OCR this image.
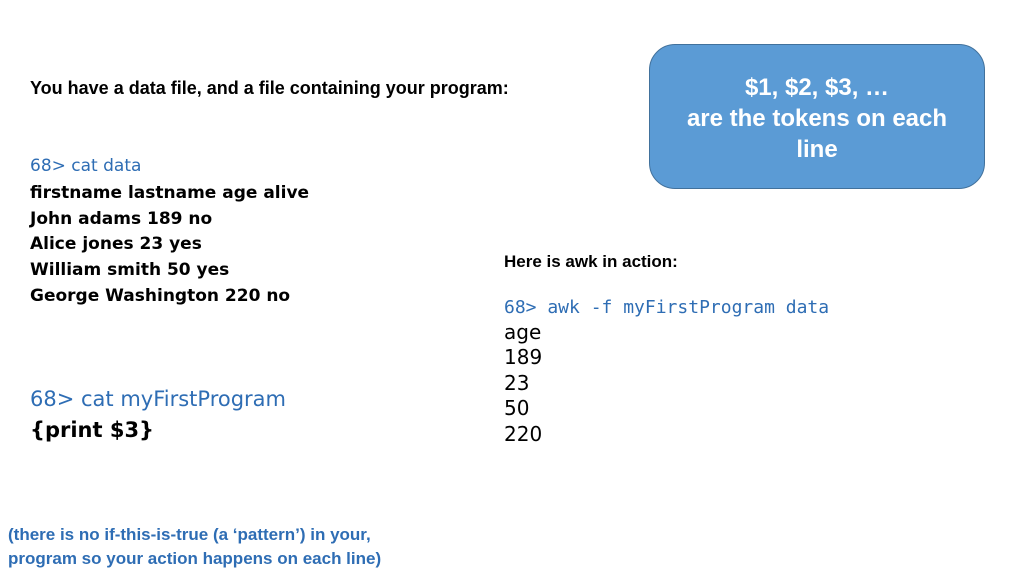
You have a data file, and a file containing your program:
68> cat data
firstname lastname age alive
John adams 189 no
Alice jones 23 yes
William smith 50 yes
George Washington 220 no
68> cat myFirstProgram
{print $3}
$1, $2, $3, …
are the tokens on each
line
Here is awk in action:
68> awk -f myFirstProgram data
age
189
23
50
220
(there is no if-this-is-true (a ‘pattern’) in your,
program so your action happens on each line)
